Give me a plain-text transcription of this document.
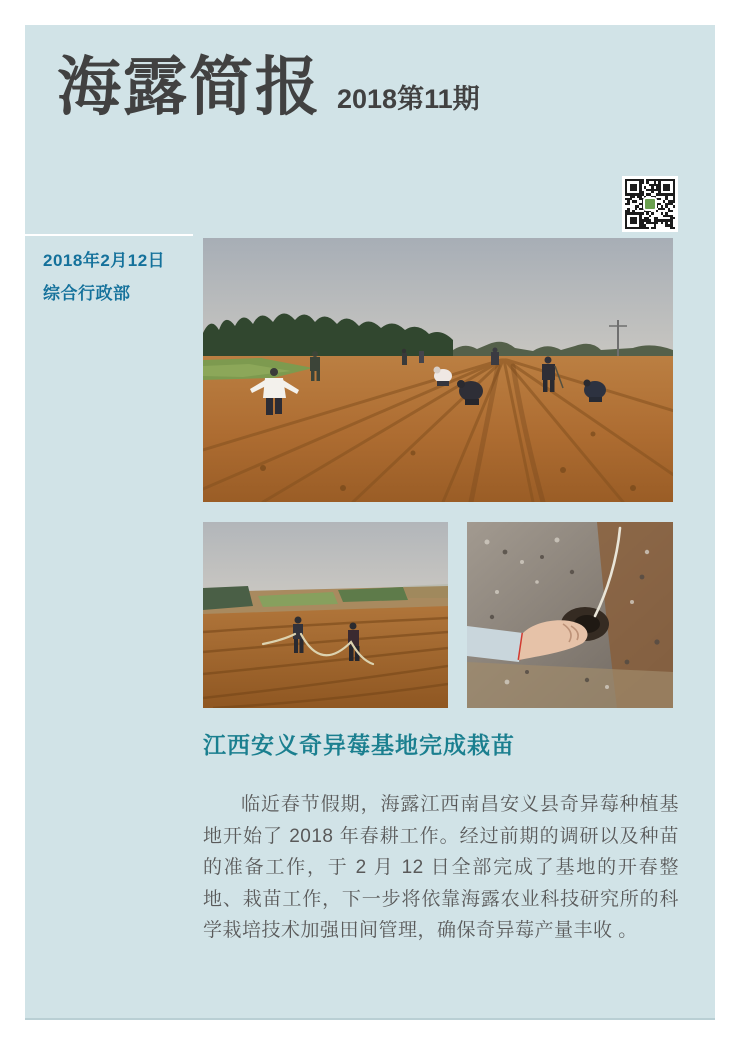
海露简报 2018第11期
2018年2月12日
综合行政部
江西安义奇异莓基地完成栽苗

临近春节假期，海露江西南昌安义县奇异莓种植基地开始了 2018 年春耕工作。经过前期的调研以及种苗的准备工作，于 2 月 12 日全部完成了基地的开春整地、栽苗工作，下一步将依靠海露农业科技研究所的科学栽培技术加强田间管理，确保奇异莓产量丰收 。
